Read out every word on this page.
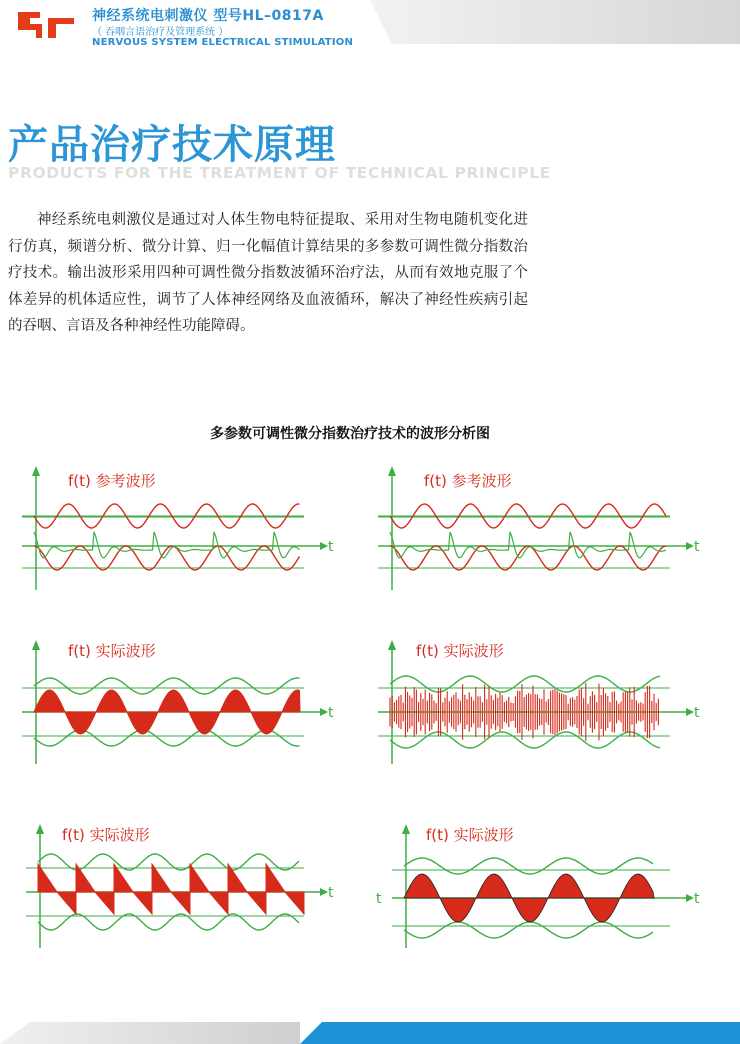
神经系统电刺激仪 型号HL–0817A
（ 吞咽言语治疗及管理系统 ）
NERVOUS SYSTEM ELECTRICAL STIMULATION
产品治疗技术原理
PRODUCTS FOR THE TREATMENT OF TECHNICAL PRINCIPLE

神经系统电刺激仪是通过对人体生物电特征提取、采用对生物电随机变化进行仿真，频谱分析、微分计算、归一化幅值计算结果的多参数可调性微分指数治疗技术。输出波形采用四种可调性微分指数波循环治疗法，从而有效地克服了个体差异的机体适应性，调节了人体神经网络及血液循环，解决了神经性疾病引起的吞咽、言语及各种神经性功能障碍。

多参数可调性微分指数治疗技术的波形分析图
f(t) 参考波形
t
f(t) 参考波形
t
f(t) 实际波形
t
f(t) 实际波形
t
f(t) 实际波形
t
f(t) 实际波形
t
t
